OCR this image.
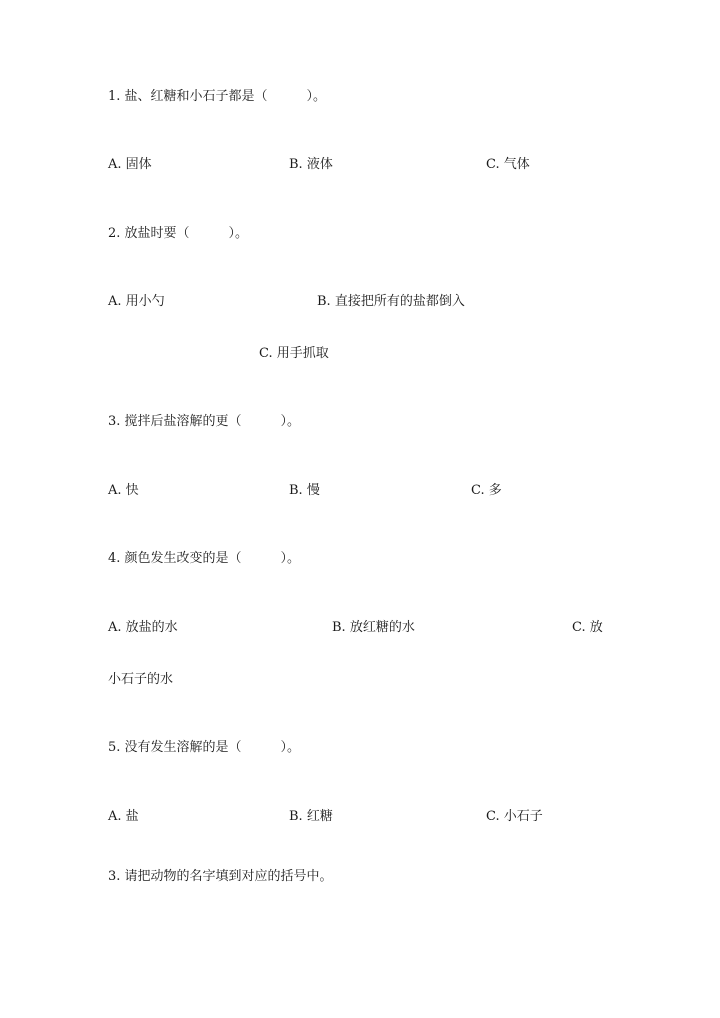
1. 盐、红糖和小石子都是（　　　）。
A. 固体	B. 液体	C. 气体
2. 放盐时要（　　　）。
A. 用小勺	B. 直接把所有的盐都倒入
C. 用手抓取
3. 搅拌后盐溶解的更（　　　）。
A. 快	B. 慢	C. 多
4. 颜色发生改变的是（　　　）。
A. 放盐的水	B. 放红糖的水	C. 放
小石子的水
5. 没有发生溶解的是（　　　）。
A. 盐	B. 红糖	C. 小石子
3. 请把动物的名字填到对应的括号中。
